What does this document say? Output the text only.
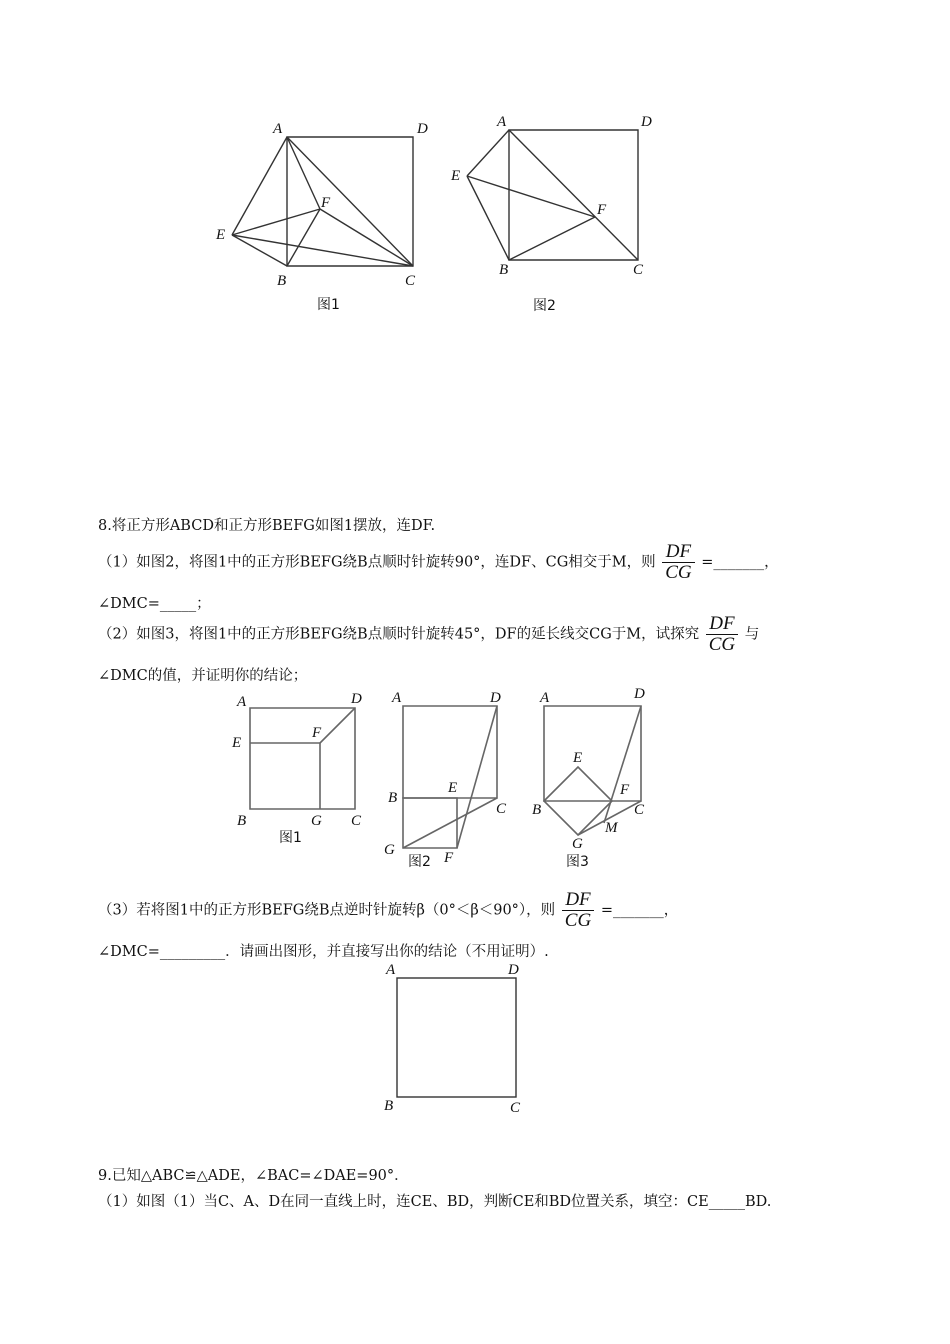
A	D
E
F
B	C
图1
A	D
E
F
B	C
图2
8.将正方形ABCD和正方形BEFG如图1摆放，连DF.
（1）如图2，将图1中的正方形BEFG绕B点顺时针旋转90°，连DF、CG相交于M，则 $\frac{DF}{CG}$ =_______，
∠DMC=_____；
（2）如图3，将图1中的正方形BEFG绕B点顺时针旋转45°，DF的延长线交CG于M，试探究 $\frac{DF}{CG}$ 与
∠DMC的值，并证明你的结论；
A	D
E
F
B	G C
图1
A	D
B
E
C
G	F
图2
A	D
E
B
F
C
G
M
图3
（3）若将图1中的正方形BEFG绕B点逆时针旋转β（0°＜β＜90°），则 $\frac{DF}{CG}$ =_______，
∠DMC=_________．请画出图形，并直接写出你的结论（不用证明）.
A	D
B	C
9.已知△ABC≌△ADE，∠BAC=∠DAE=90°．
（1）如图（1）当C、A、D在同一直线上时，连CE、BD，判断CE和BD位置关系，填空：CE_____BD.
